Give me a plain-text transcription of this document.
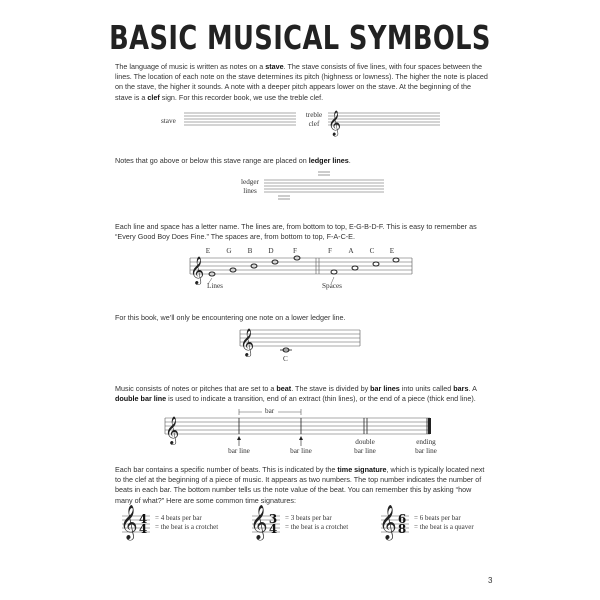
BASIC MUSICAL SYMBOLS

The language of music is written as notes on a stave. The stave consists of five lines, with four spaces between the lines. The location of each note on the stave determines its pitch (highness or lowness). The higher the note is placed on the stave, the higher it sounds. A note with a deeper pitch appears lower on the stave. At the beginning of the stave is a clef sign. For this recorder book, we use the treble clef.

stave
treble
clef 𝄞

Notes that go above or below this stave range are placed on ledger lines.

ledger
lines

Each line and space has a letter name. The lines are, from bottom to top, E-G-B-D-F. This is easy to remember as “Every Good Boy Does Fine.” The spaces are, from bottom to top, F-A-C-E.

E	G	B	D	F	F	A	C	E
𝄞
Lines	Spaces

For this book, we’ll only be encountering one note on a lower ledger line.

𝄞
C

Music consists of notes or pitches that are set to a beat. The stave is divided by bar lines into units called bars. A double bar line is used to indicate a transition, end of an extract (thin lines), or the end of a piece (thick end line).

bar
𝄞
bar line	bar line
double
bar line
ending
bar line

Each bar contains a specific number of beats. This is indicated by the time signature, which is typically located next to the clef at the beginning of a piece of music. It appears as two numbers. The top number indicates the number of beats in each bar. The bottom number tells us the note value of the beat. You can remember this by asking “how many of what?” Here are some common time signatures:

𝄞 4
4
= 4 beats per bar
= the beat is a crotchet 𝄞 3
4
= 3 beats per bar
= the beat is a crotchet 𝄞 6
8
= 6 beats per bar
= the beat is a quaver
3
